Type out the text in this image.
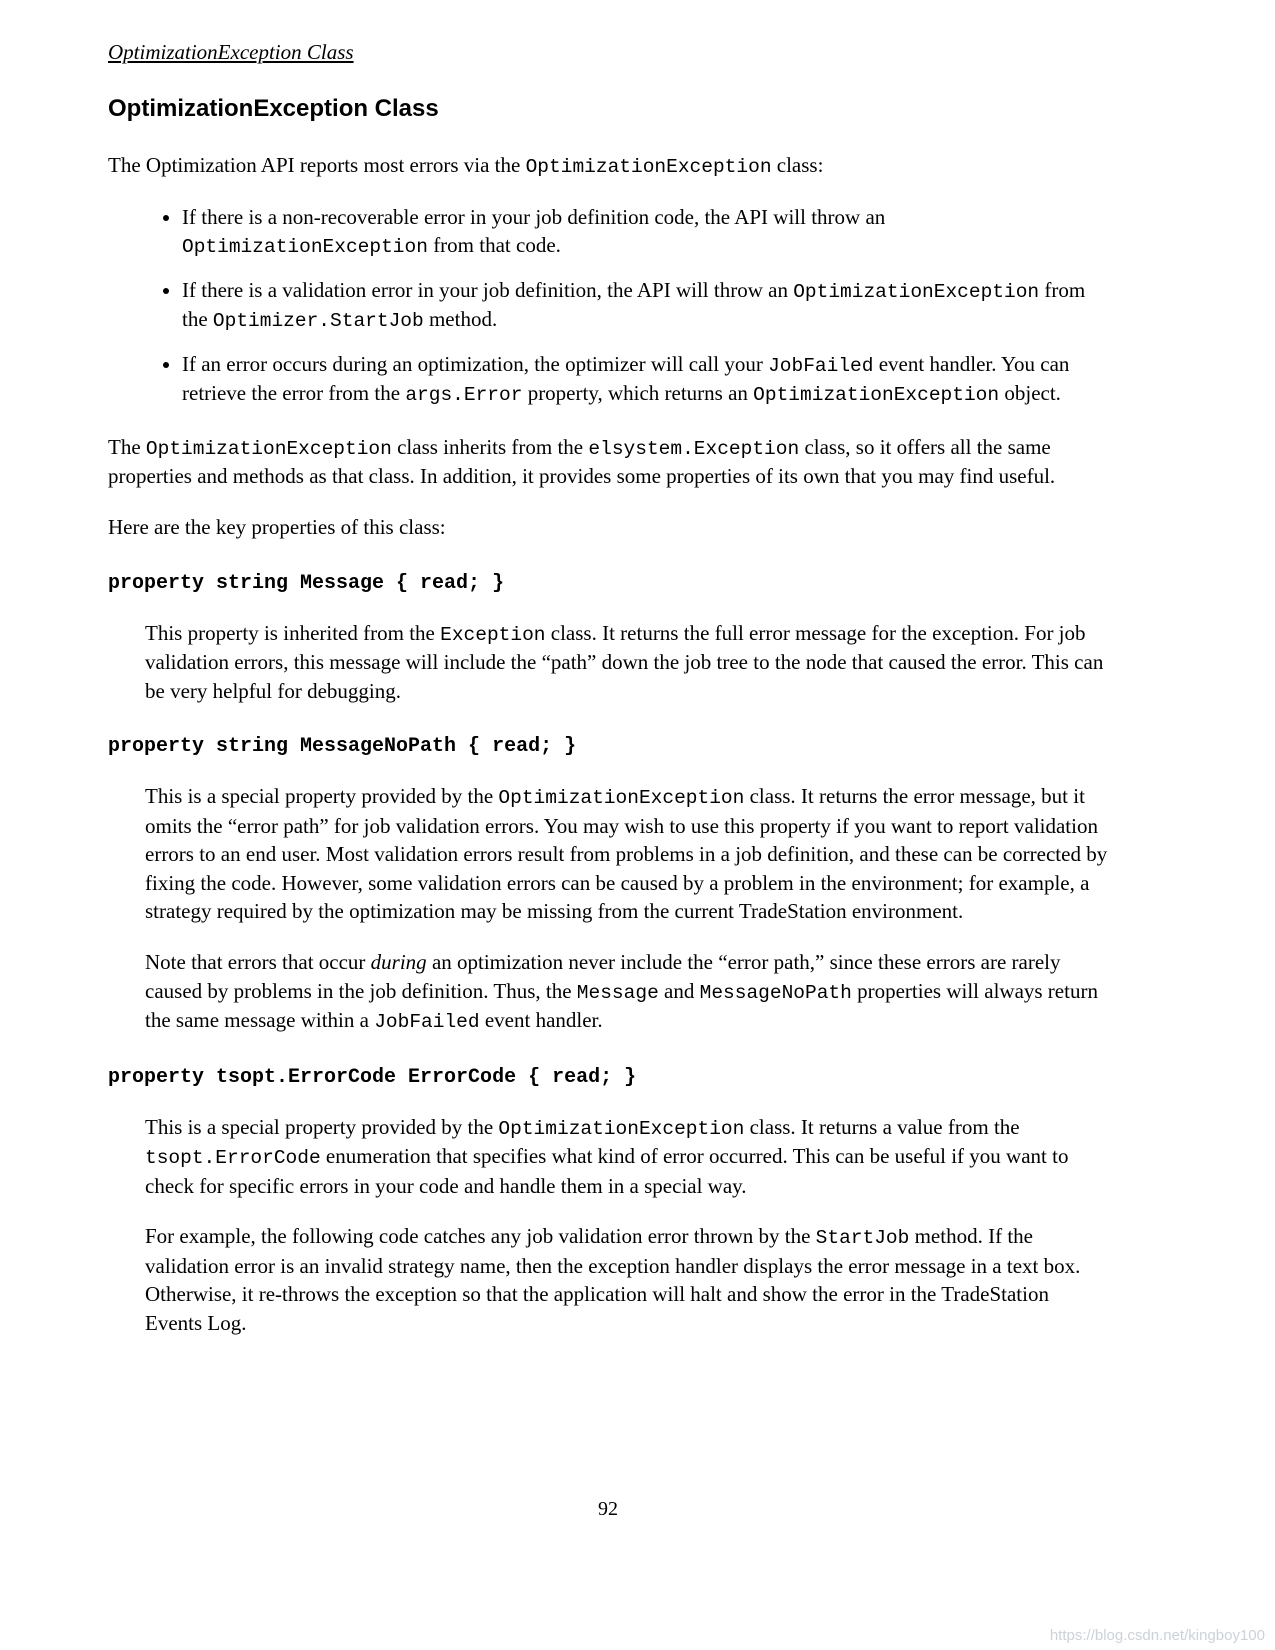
OptimizationException Class
OptimizationException Class

The Optimization API reports most errors via the OptimizationException class:

• If there is a non-recoverable error in your job definition code, the API will throw an OptimizationException from that code.
• If there is a validation error in your job definition, the API will throw an OptimizationException from the Optimizer.StartJob method.
• If an error occurs during an optimization, the optimizer will call your JobFailed event handler. You can retrieve the error from the args.Error property, which returns an OptimizationException object.

The OptimizationException class inherits from the elsystem.Exception class, so it offers all the same properties and methods as that class. In addition, it provides some properties of its own that you may find useful.

Here are the key properties of this class:

property string Message { read; }

This property is inherited from the Exception class. It returns the full error message for the exception. For job validation errors, this message will include the “path” down the job tree to the node that caused the error. This can be very helpful for debugging.

property string MessageNoPath { read; }

This is a special property provided by the OptimizationException class. It returns the error message, but it omits the “error path” for job validation errors. You may wish to use this property if you want to report validation errors to an end user. Most validation errors result from problems in a job definition, and these can be corrected by fixing the code. However, some validation errors can be caused by a problem in the environment; for example, a strategy required by the optimization may be missing from the current TradeStation environment.

Note that errors that occur during an optimization never include the “error path,” since these errors are rarely caused by problems in the job definition. Thus, the Message and MessageNoPath properties will always return the same message within a JobFailed event handler.

property tsopt.ErrorCode ErrorCode { read; }

This is a special property provided by the OptimizationException class. It returns a value from the tsopt.ErrorCode enumeration that specifies what kind of error occurred. This can be useful if you want to check for specific errors in your code and handle them in a special way.

For example, the following code catches any job validation error thrown by the StartJob method. If the validation error is an invalid strategy name, then the exception handler displays the error message in a text box. Otherwise, it re-throws the exception so that the application will halt and show the error in the TradeStation Events Log.

92
https://blog.csdn.net/kingboy100
